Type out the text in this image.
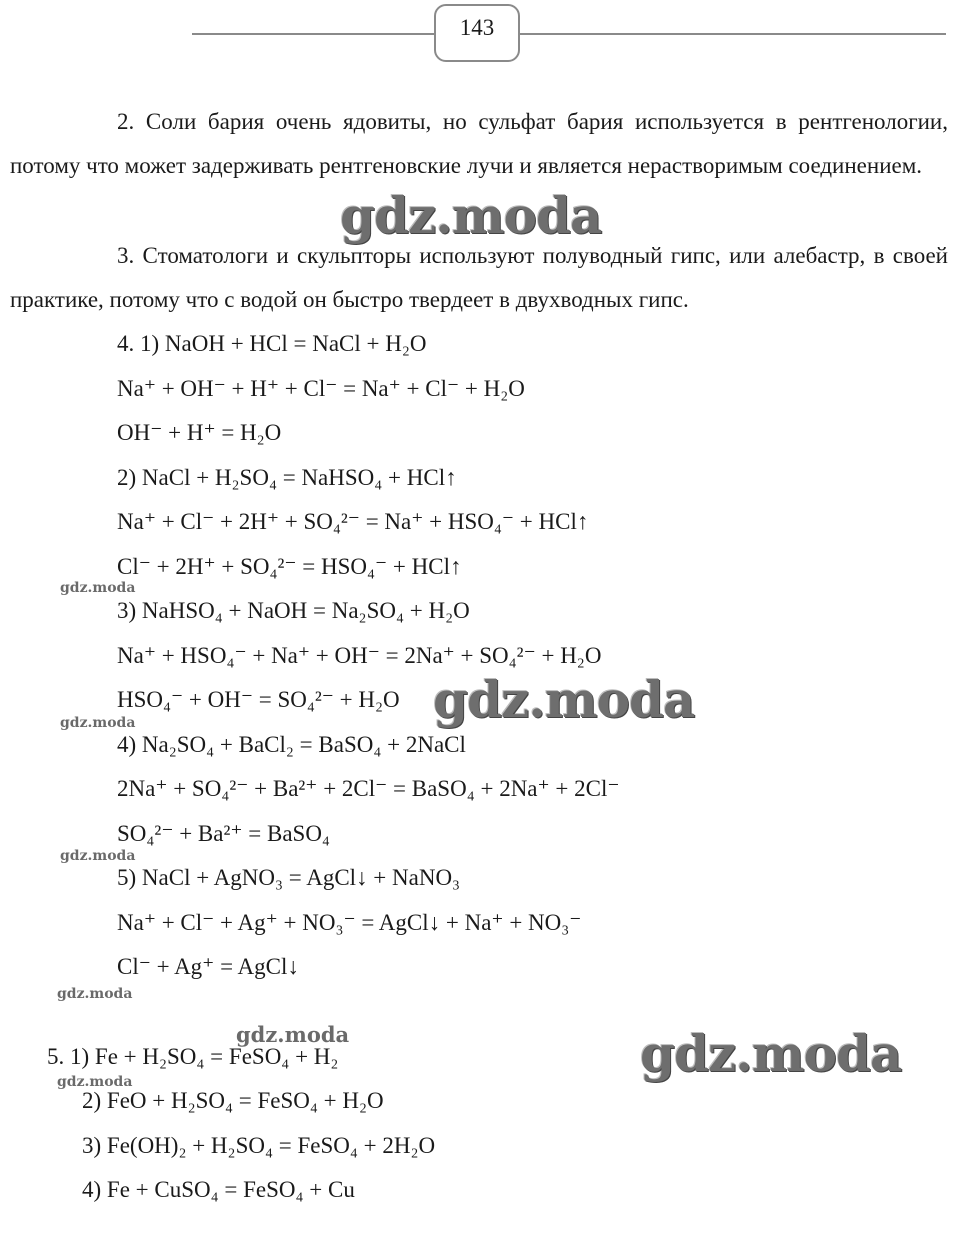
143

2. Соли бария очень ядовиты, но сульфат бария используется в рентгенологии, потому что может задерживать рентгеновские лучи и является нерастворимым соединением.

3. Стоматологи и скульпторы используют полуводный гипс, или алебастр, в своей практике, потому что с водой он быстро твердеет в двухводных гипс.

4. 1) NaOH + HCl = NaCl + H₂O
Na⁺ + OH⁻ + H⁺ + Cl⁻ = Na⁺ + Cl⁻ + H₂O
OH⁻ + H⁺ = H₂O
2) NaCl + H₂SO₄ = NaHSO₄ + HCl↑
Na⁺ + Cl⁻ + 2H⁺ + SO₄²⁻ = Na⁺ + HSO₄⁻ + HCl↑
Cl⁻ + 2H⁺ + SO₄²⁻ = HSO₄⁻ + HCl↑
3) NaHSO₄ + NaOH = Na₂SO₄ + H₂O
Na⁺ + HSO₄⁻ + Na⁺ + OH⁻ = 2Na⁺ + SO₄²⁻ + H₂O
HSO₄⁻ + OH⁻ = SO₄²⁻ + H₂O
4) Na₂SO₄ + BaCl₂ = BaSO₄ + 2NaCl
2Na⁺ + SO₄²⁻ + Ba²⁺ + 2Cl⁻ = BaSO₄ + 2Na⁺ + 2Cl⁻
SO₄²⁻ + Ba²⁺ = BaSO₄
5) NaCl + AgNO₃ = AgCl↓ + NaNO₃
Na⁺ + Cl⁻ + Ag⁺ + NO₃⁻ = AgCl↓ + Na⁺ + NO₃⁻
Cl⁻ + Ag⁺ = AgCl↓
5. 1) Fe + H₂SO₄ = FeSO₄ + H₂
2) FeO + H₂SO₄ = FeSO₄ + H₂O
3) Fe(OH)₂ + H₂SO₄ = FeSO₄ + 2H₂O
4) Fe + CuSO₄ = FeSO₄ + Cu
gdz.moda
gdz.moda
gdz.moda
gdz.moda
gdz.moda
gdz.moda
gdz.moda
gdz.moda
gdz.moda
